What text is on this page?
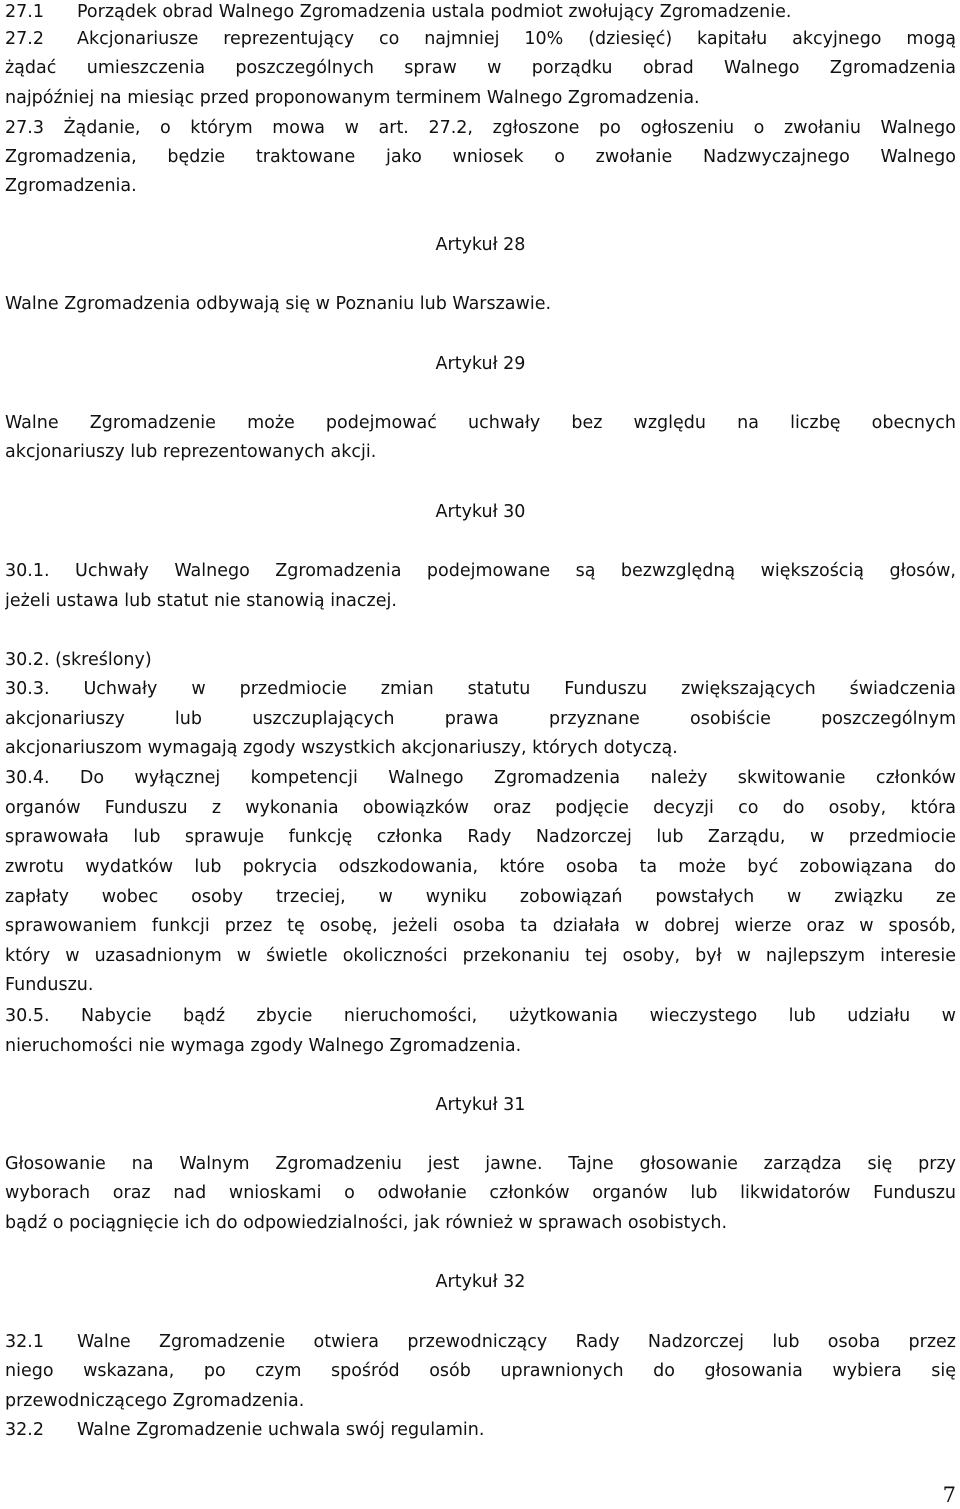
27.1 Porządek obrad Walnego Zgromadzenia ustala podmiot zwołujący Zgromadzenie.
27.2 Akcjonariusze reprezentujący co najmniej 10% (dziesięć) kapitału akcyjnego mogą
żądać umieszczenia poszczególnych spraw w porządku obrad Walnego Zgromadzenia
najpóźniej na miesiąc przed proponowanym terminem Walnego Zgromadzenia.
27.3 Żądanie, o którym mowa w art. 27.2, zgłoszone po ogłoszeniu o zwołaniu Walnego
Zgromadzenia, będzie traktowane jako wniosek o zwołanie Nadzwyczajnego Walnego
Zgromadzenia.
Artykuł 28
Walne Zgromadzenia odbywają się w Poznaniu lub Warszawie.
Artykuł 29
Walne Zgromadzenie może podejmować uchwały bez względu na liczbę obecnych
akcjonariuszy lub reprezentowanych akcji.
Artykuł 30
30.1. Uchwały Walnego Zgromadzenia podejmowane są bezwzględną większością głosów,
jeżeli ustawa lub statut nie stanowią inaczej.
30.2. (skreślony)
30.3. Uchwały w przedmiocie zmian statutu Funduszu zwiększających świadczenia
akcjonariuszy lub uszczuplających prawa przyznane osobiście poszczególnym
akcjonariuszom wymagają zgody wszystkich akcjonariuszy, których dotyczą.
30.4. Do wyłącznej kompetencji Walnego Zgromadzenia należy skwitowanie członków
organów Funduszu z wykonania obowiązków oraz podjęcie decyzji co do osoby, która
sprawowała lub sprawuje funkcję członka Rady Nadzorczej lub Zarządu, w przedmiocie
zwrotu wydatków lub pokrycia odszkodowania, które osoba ta może być zobowiązana do
zapłaty wobec osoby trzeciej, w wyniku zobowiązań powstałych w związku ze
sprawowaniem funkcji przez tę osobę, jeżeli osoba ta działała w dobrej wierze oraz w sposób,
który w uzasadnionym w świetle okoliczności przekonaniu tej osoby, był w najlepszym interesie
Funduszu.
30.5. Nabycie bądź zbycie nieruchomości, użytkowania wieczystego lub udziału w
nieruchomości nie wymaga zgody Walnego Zgromadzenia.
Artykuł 31
Głosowanie na Walnym Zgromadzeniu jest jawne. Tajne głosowanie zarządza się przy
wyborach oraz nad wnioskami o odwołanie członków organów lub likwidatorów Funduszu
bądź o pociągnięcie ich do odpowiedzialności, jak również w sprawach osobistych.
Artykuł 32
32.1 Walne Zgromadzenie otwiera przewodniczący Rady Nadzorczej lub osoba przez
niego wskazana, po czym spośród osób uprawnionych do głosowania wybiera się
przewodniczącego Zgromadzenia.
32.2 Walne Zgromadzenie uchwala swój regulamin.
7
